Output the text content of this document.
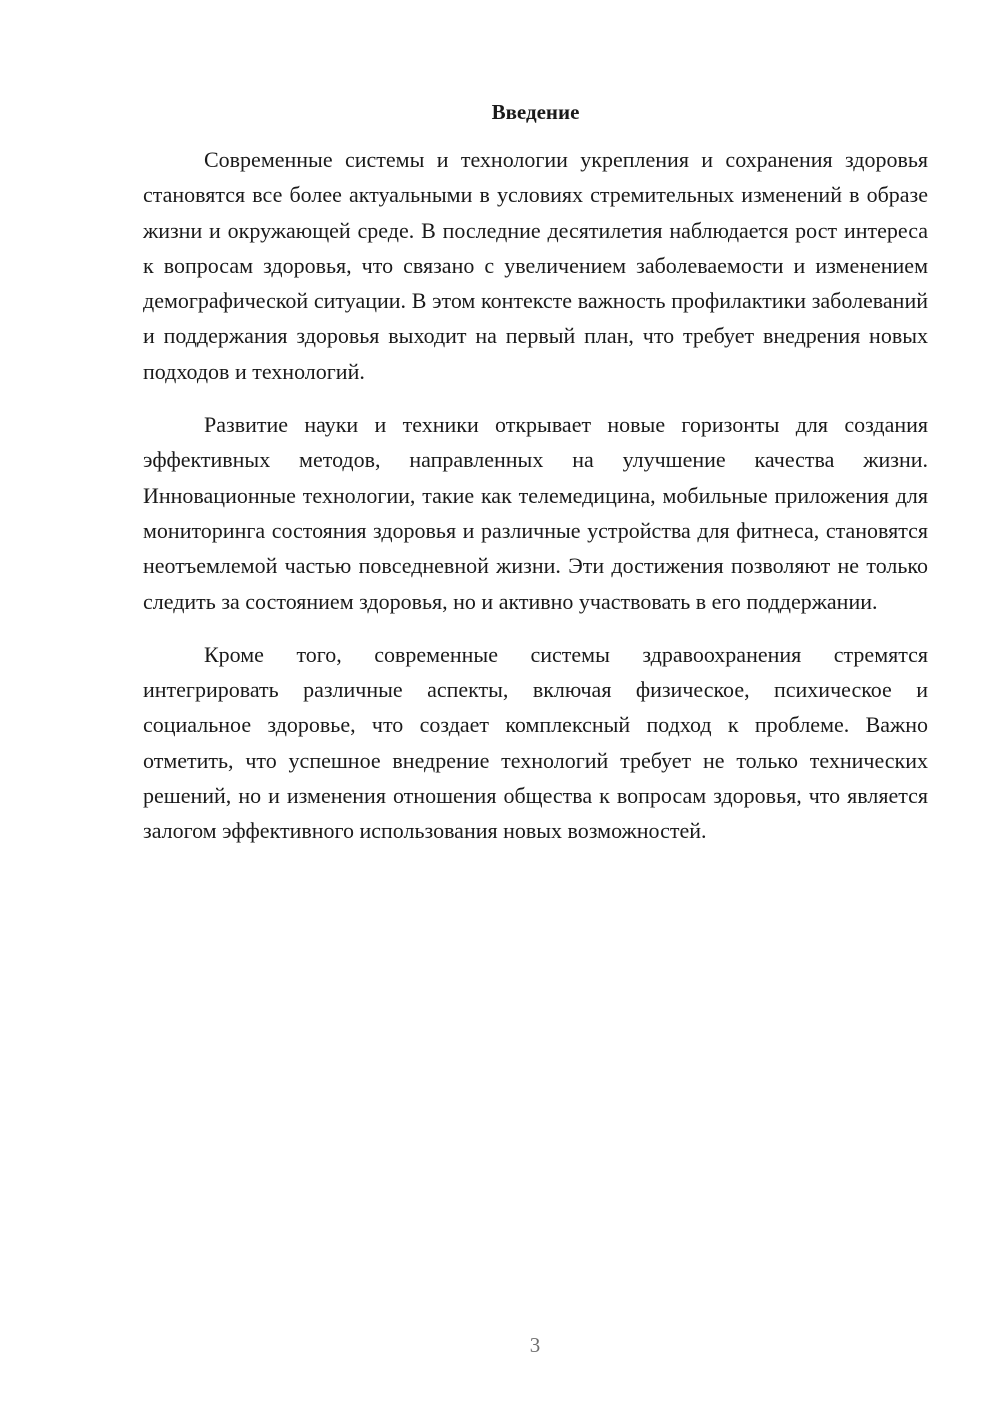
Введение

Современные системы и технологии укрепления и сохранения здоровья становятся все более актуальными в условиях стремительных изменений в образе жизни и окружающей среде. В последние десятилетия наблюдается рост интереса к вопросам здоровья, что связано с увеличением заболеваемости и изменением демографической ситуации. В этом контексте важность профилактики заболеваний и поддержания здоровья выходит на первый план, что требует внедрения новых подходов и технологий.

Развитие науки и техники открывает новые горизонты для создания эффективных методов, направленных на улучшение качества жизни. Инновационные технологии, такие как телемедицина, мобильные приложения для мониторинга состояния здоровья и различные устройства для фитнеса, становятся неотъемлемой частью повседневной жизни. Эти достижения позволяют не только следить за состоянием здоровья, но и активно участвовать в его поддержании.

Кроме того, современные системы здравоохранения стремятся интегрировать различные аспекты, включая физическое, психическое и социальное здоровье, что создает комплексный подход к проблеме. Важно отметить, что успешное внедрение технологий требует не только технических решений, но и изменения отношения общества к вопросам здоровья, что является залогом эффективного использования новых возможностей.

3
